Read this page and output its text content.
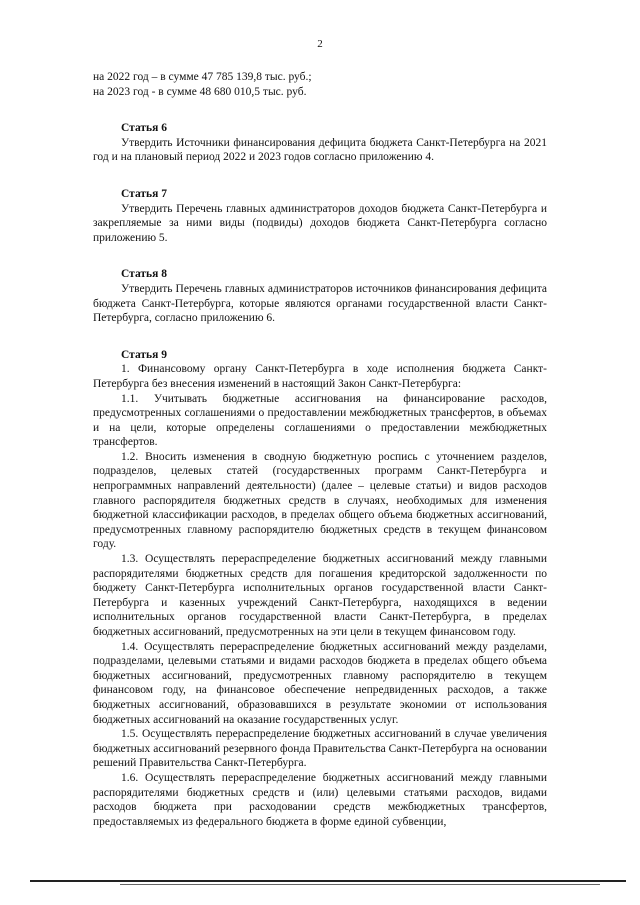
2
на 2022 год – в сумме 47 785 139,8 тыс. руб.;
на 2023 год - в сумме 48 680 010,5 тыс. руб.
Статья 6

Утвердить Источники финансирования дефицита бюджета Санкт-Петербурга на 2021 год и на плановый период 2022 и 2023 годов согласно приложению 4.

Статья 7

Утвердить Перечень главных администраторов доходов бюджета Санкт-Петербурга и закрепляемые за ними виды (подвиды) доходов бюджета Санкт-Петербурга согласно приложению 5.

Статья 8

Утвердить Перечень главных администраторов источников финансирования дефицита бюджета Санкт-Петербурга, которые являются органами государственной власти Санкт-Петербурга, согласно приложению 6.

Статья 9

1. Финансовому органу Санкт-Петербурга в ходе исполнения бюджета Санкт-Петербурга без внесения изменений в настоящий Закон Санкт-Петербурга:

1.1. Учитывать бюджетные ассигнования на финансирование расходов, предусмотренных соглашениями о предоставлении межбюджетных трансфертов, в объемах и на цели, которые определены соглашениями о предоставлении межбюджетных трансфертов.

1.2. Вносить изменения в сводную бюджетную роспись с уточнением разделов, подразделов, целевых статей (государственных программ Санкт-Петербурга и непрограммных направлений деятельности) (далее – целевые статьи) и видов расходов главного распорядителя бюджетных средств в случаях, необходимых для изменения бюджетной классификации расходов, в пределах общего объема бюджетных ассигнований, предусмотренных главному распорядителю бюджетных средств в текущем финансовом году.

1.3. Осуществлять перераспределение бюджетных ассигнований между главными распорядителями бюджетных средств для погашения кредиторской задолженности по бюджету Санкт-Петербурга исполнительных органов государственной власти Санкт-Петербурга и казенных учреждений Санкт-Петербурга, находящихся в ведении исполнительных органов государственной власти Санкт-Петербурга, в пределах бюджетных ассигнований, предусмотренных на эти цели в текущем финансовом году.

1.4. Осуществлять перераспределение бюджетных ассигнований между разделами, подразделами, целевыми статьями и видами расходов бюджета в пределах общего объема бюджетных ассигнований, предусмотренных главному распорядителю в текущем финансовом году, на финансовое обеспечение непредвиденных расходов, а также бюджетных ассигнований, образовавшихся в результате экономии от использования бюджетных ассигнований на оказание государственных услуг.

1.5. Осуществлять перераспределение бюджетных ассигнований в случае увеличения бюджетных ассигнований резервного фонда Правительства Санкт-Петербурга на основании решений Правительства Санкт-Петербурга.

1.6. Осуществлять перераспределение бюджетных ассигнований между главными распорядителями бюджетных средств и (или) целевыми статьями расходов, видами расходов бюджета при расходовании средств межбюджетных трансфертов, предоставляемых из федерального бюджета в форме единой субвенции,
